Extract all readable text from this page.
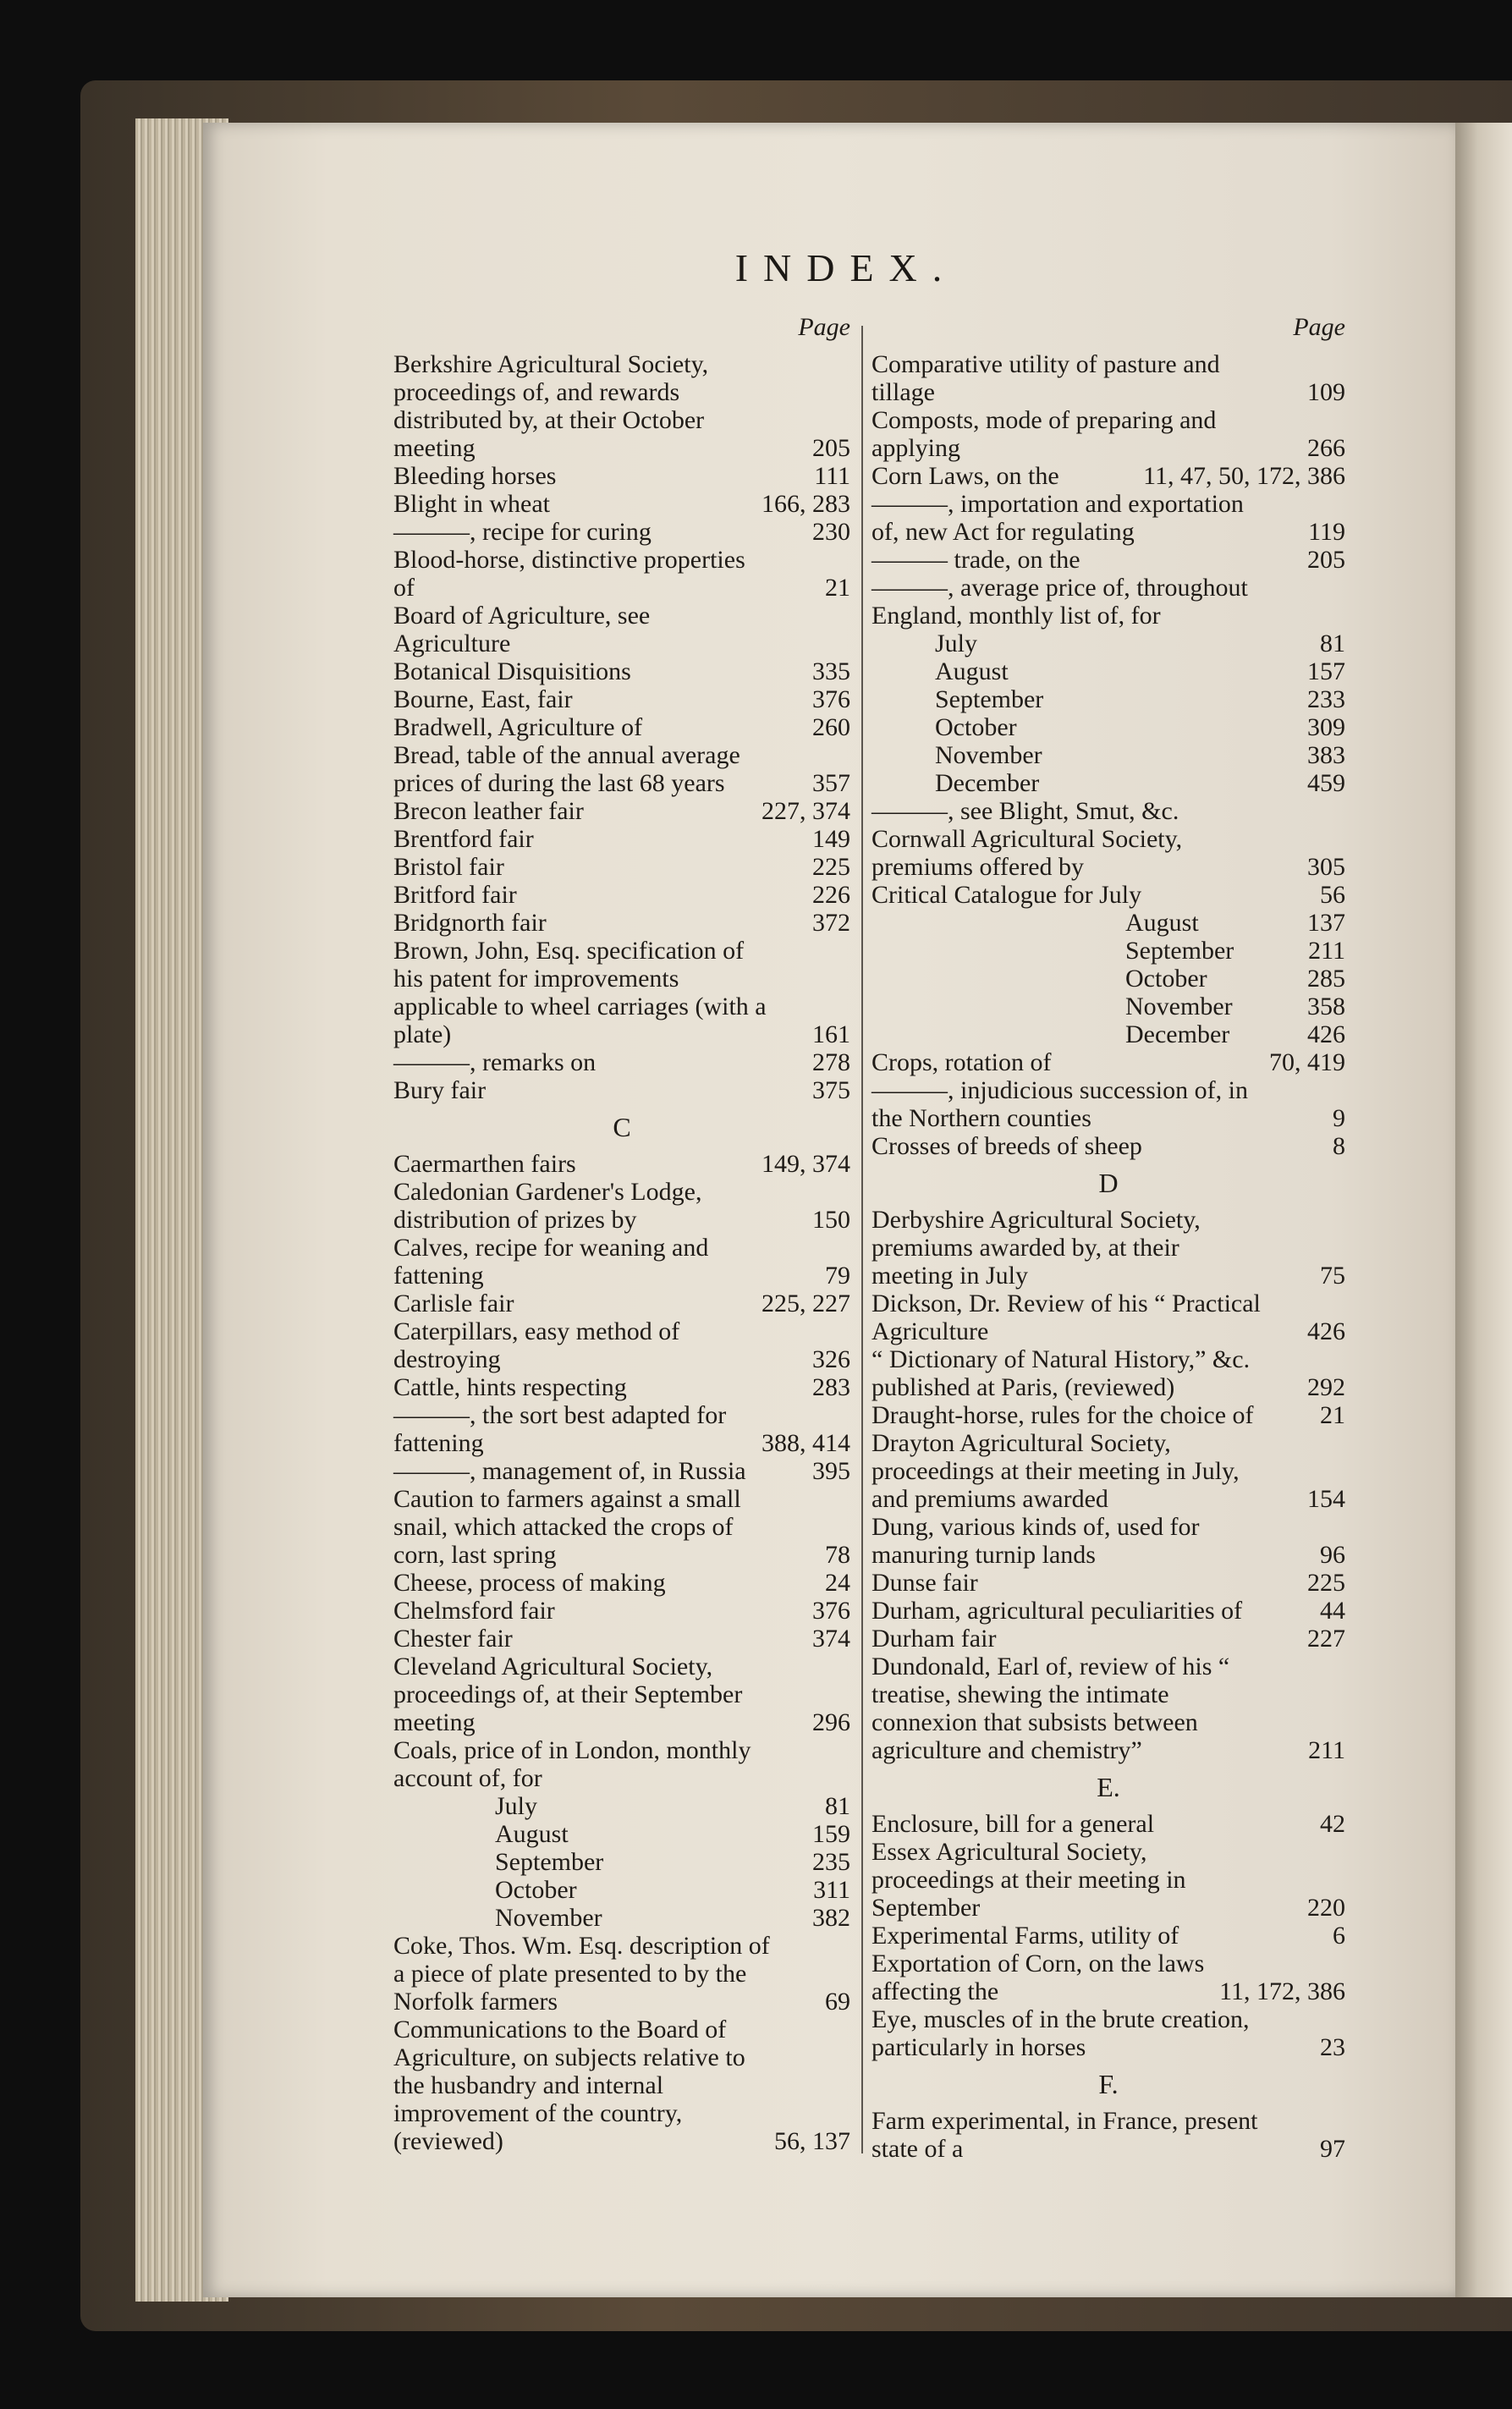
INDEX.
Page
Berkshire Agricultural Society, proceedings of, and rewards distributed by, at their October meeting	205
Bleeding horses	111
Blight in wheat	166, 283
———, recipe for curing	230
Blood-horse, distinctive properties of	21
Board of Agriculture, see Agriculture
Botanical Disquisitions	335
Bourne, East, fair	376
Bradwell, Agriculture of	260
Bread, table of the annual average prices of during the last 68 years	357
Brecon leather fair	227, 374
Brentford fair	149
Bristol fair	225
Britford fair	226
Bridgnorth fair	372
Brown, John, Esq. specification of his patent for improvements applicable to wheel carriages (with a plate)	161
———, remarks on	278
Bury fair	375
C
Caermarthen fairs	149, 374
Caledonian Gardener's Lodge, distribution of prizes by	150
Calves, recipe for weaning and fattening	79
Carlisle fair	225, 227
Caterpillars, easy method of destroying	326
Cattle, hints respecting	283
———, the sort best adapted for fattening	388, 414
———, management of, in Russia	395
Caution to farmers against a small snail, which attacked the crops of corn, last spring	78
Cheese, process of making	24
Chelmsford fair	376
Chester fair	374
Cleveland Agricultural Society, proceedings of, at their September meeting	296
Coals, price of in London, monthly account of, for
July	81
August	159
September	235
October	311
November	382
Coke, Thos. Wm. Esq. description of a piece of plate presented to by the Norfolk farmers	69
Communications to the Board of Agriculture, on subjects relative to the husbandry and internal improvement of the country, (reviewed)	56, 137
Page
Comparative utility of pasture and tillage	109
Composts, mode of preparing and applying	266
Corn Laws, on the	11, 47, 50, 172, 386
———, importation and exportation of, new Act for regulating	119
——— trade, on the	205
———, average price of, throughout England, monthly list of, for
July	81
August	157
September	233
October	309
November	383
December	459
———, see Blight, Smut, &c.
Cornwall Agricultural Society, premiums offered by	305
Critical Catalogue for July	56
August	137
September	211
October	285
November	358
December	426
Crops, rotation of	70, 419
———, injudicious succession of, in the Northern counties	9
Crosses of breeds of sheep	8
D
Derbyshire Agricultural Society, premiums awarded by, at their meeting in July	75
Dickson, Dr. Review of his “ Practical Agriculture	426
“ Dictionary of Natural History,” &c. published at Paris, (reviewed)	292
Draught-horse, rules for the choice of	21
Drayton Agricultural Society, proceedings at their meeting in July, and premiums awarded	154
Dung, various kinds of, used for manuring turnip lands	96
Dunse fair	225
Durham, agricultural peculiarities of	44
Durham fair	227
Dundonald, Earl of, review of his “ treatise, shewing the intimate connexion that subsists between agriculture and chemistry”	211
E.
Enclosure, bill for a general	42
Essex Agricultural Society, proceedings at their meeting in September	220
Experimental Farms, utility of	6
Exportation of Corn, on the laws affecting the	11, 172, 386
Eye, muscles of in the brute creation, particularly in horses	23
F.
Farm experimental, in France, present state of a	97
